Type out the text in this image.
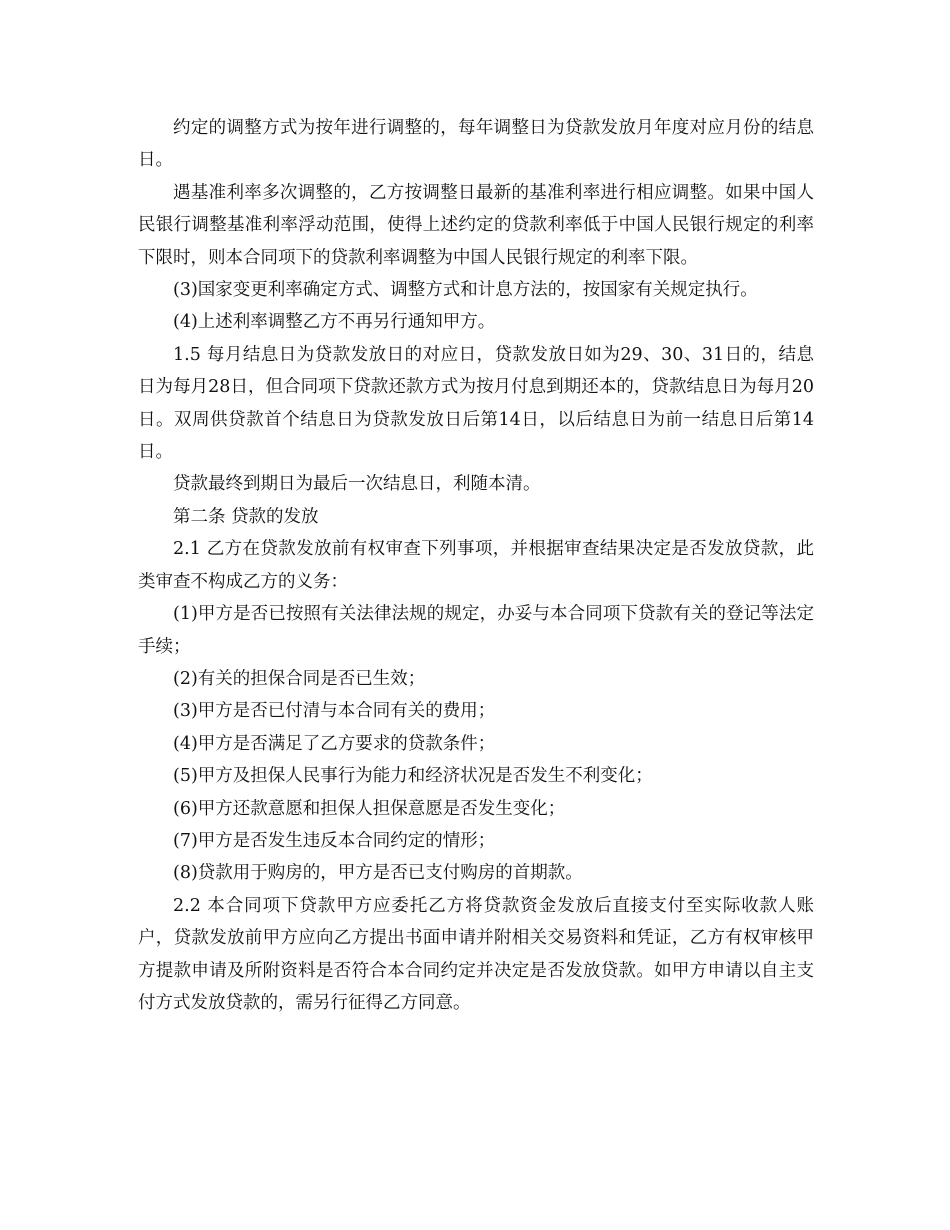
约定的调整方式为按年进行调整的，每年调整日为贷款发放月年度对应月份的结息日。

遇基准利率多次调整的，乙方按调整日最新的基准利率进行相应调整。如果中国人民银行调整基准利率浮动范围，使得上述约定的贷款利率低于中国人民银行规定的利率下限时，则本合同项下的贷款利率调整为中国人民银行规定的利率下限。

(3)国家变更利率确定方式、调整方式和计息方法的，按国家有关规定执行。

(4)上述利率调整乙方不再另行通知甲方。

1.5 每月结息日为贷款发放日的对应日，贷款发放日如为29、30、31日的，结息日为每月28日，但合同项下贷款还款方式为按月付息到期还本的，贷款结息日为每月20日。双周供贷款首个结息日为贷款发放日后第14日，以后结息日为前一结息日后第14日。

贷款最终到期日为最后一次结息日，利随本清。

第二条 贷款的发放

2.1 乙方在贷款发放前有权审查下列事项，并根据审查结果决定是否发放贷款，此类审查不构成乙方的义务：

(1)甲方是否已按照有关法律法规的规定，办妥与本合同项下贷款有关的登记等法定手续；

(2)有关的担保合同是否已生效；

(3)甲方是否已付清与本合同有关的费用；

(4)甲方是否满足了乙方要求的贷款条件；

(5)甲方及担保人民事行为能力和经济状况是否发生不利变化；

(6)甲方还款意愿和担保人担保意愿是否发生变化；

(7)甲方是否发生违反本合同约定的情形；

(8)贷款用于购房的，甲方是否已支付购房的首期款。

2.2 本合同项下贷款甲方应委托乙方将贷款资金发放后直接支付至实际收款人账户，贷款发放前甲方应向乙方提出书面申请并附相关交易资料和凭证，乙方有权审核甲方提款申请及所附资料是否符合本合同约定并决定是否发放贷款。如甲方申请以自主支付方式发放贷款的，需另行征得乙方同意。
